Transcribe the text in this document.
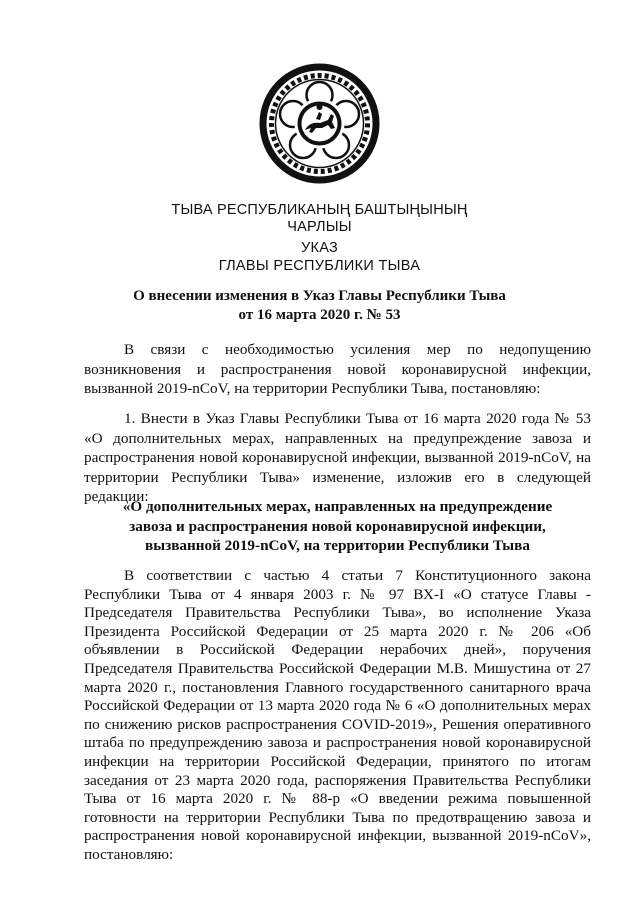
ТЫВА РЕСПУБЛИКАНЫҢ БАШТЫҢЫНЫҢ
ЧАРЛЫЫ
УКАЗ
ГЛАВЫ РЕСПУБЛИКИ ТЫВА
О внесении изменения в Указ Главы Республики Тыва
от 16 марта 2020 г. № 53

В связи с необходимостью усиления мер по недопущению возникновения и распространения новой коронавирусной инфекции, вызванной 2019-nCoV, на территории Республики Тыва, постановляю:

1. Внести в Указ Главы Республики Тыва от 16 марта 2020 года № 53 «О дополнительных мерах, направленных на предупреждение завоза и распространения новой коронавирусной инфекции, вызванной 2019-nCoV, на территории Республики Тыва» изменение, изложив его в следующей редакции:

«О дополнительных мерах, направленных на предупреждение
завоза и распространения новой коронавирусной инфекции,
вызванной 2019-nCoV, на территории Республики Тыва

В соответствии с частью 4 статьи 7 Конституционного закона Республики Тыва от 4 января 2003 г. № 97 ВХ-I «О статусе Главы - Председателя Правительства Республики Тыва», во исполнение Указа Президента Российской Федерации от 25 марта 2020 г. № 206 «Об объявлении в Российской Федерации нерабочих дней», поручения Председателя Правительства Российской Федерации М.В. Мишустина от 27 марта 2020 г., постановления Главного государственного санитарного врача Российской Федерации от 13 марта 2020 года № 6 «О дополнительных мерах по снижению рисков распространения COVID-2019», Решения оперативного штаба по предупреждению завоза и распространения новой коронавирусной инфекции на территории Российской Федерации, принятого по итогам заседания от 23 марта 2020 года, распоряжения Правительства Республики Тыва от 16 марта 2020 г. № 88-р «О введении режима повышенной готовности на территории Республики Тыва по предотвращению завоза и распространения новой коронавирусной инфекции, вызванной 2019-nCoV», постановляю:
